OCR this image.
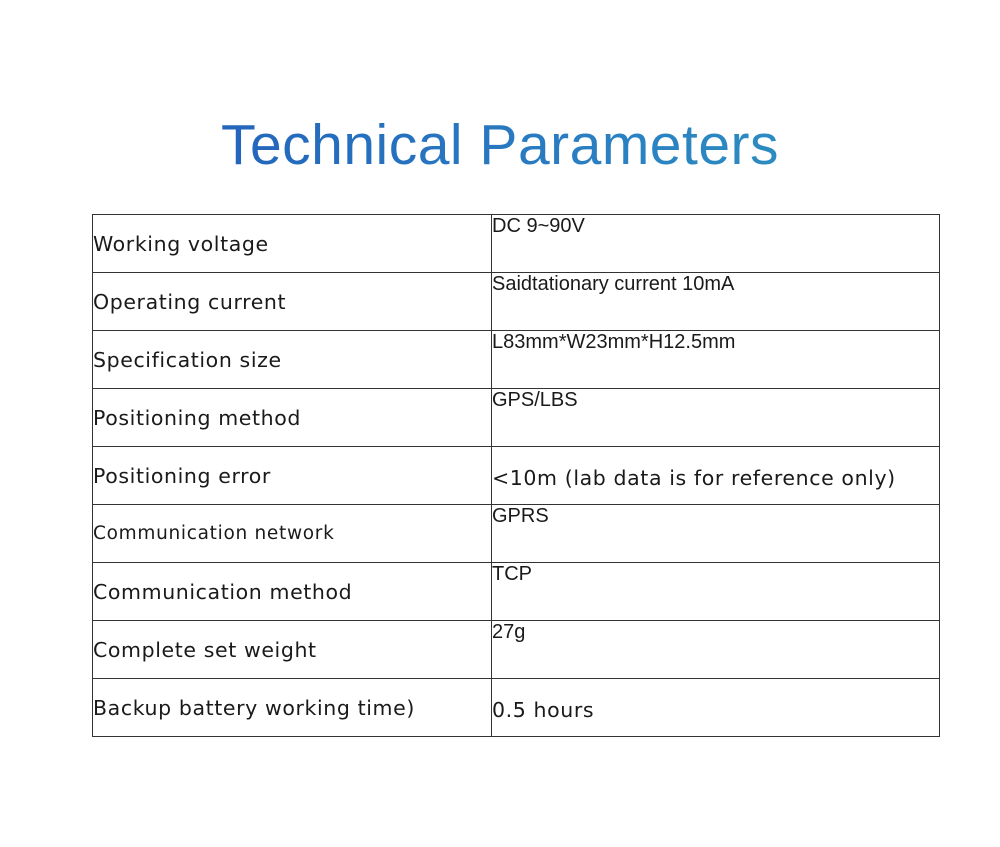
Technical Parameters
Working voltage	DC 9~90V
Operating current	Saidtationary current 10mA
Specification size	L83mm*W23mm*H12.5mm
Positioning method	GPS/LBS
Positioning error	<10m (lab data is for reference only)
Communication network	GPRS
Communication method	TCP
Complete set weight	27g
Backup battery working time)	0.5 hours
